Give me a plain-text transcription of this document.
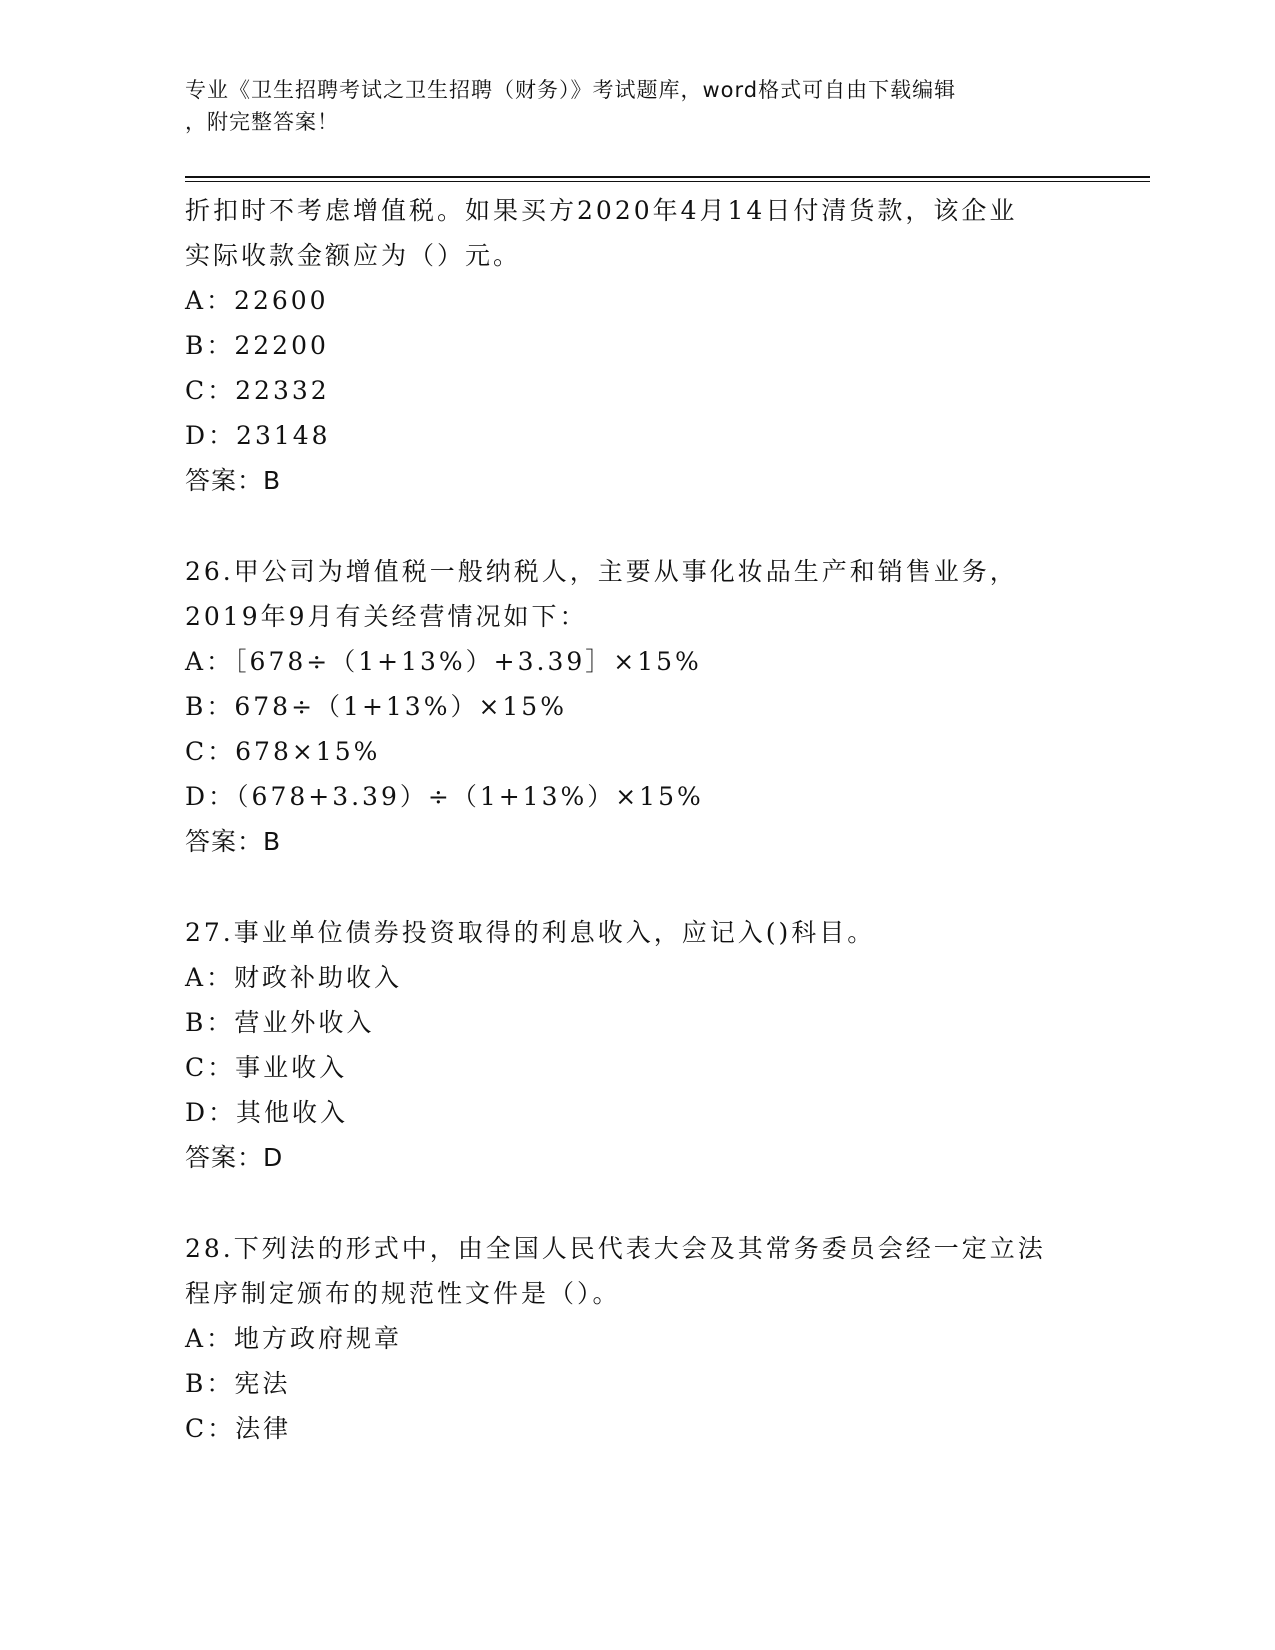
专业《卫生招聘考试之卫生招聘（财务）》考试题库，word格式可自由下载编辑
，附完整答案！
折扣时不考虑增值税。如果买方2020年4月14日付清货款，该企业
实际收款金额应为（）元。
A：22600
B：22200
C：22332
D：23148
答案：B
26.甲公司为增值税一般纳税人，主要从事化妆品生产和销售业务，
2019年9月有关经营情况如下：
A：［678÷（1+13%）+3.39］×15%
B：678÷（1+13%）×15%
C：678×15%
D：（678+3.39）÷（1+13%）×15%
答案：B
27.事业单位债券投资取得的利息收入，应记入()科目。
A：财政补助收入
B：营业外收入
C：事业收入
D：其他收入
答案：D
28.下列法的形式中，由全国人民代表大会及其常务委员会经一定立法
程序制定颁布的规范性文件是（）。
A：地方政府规章
B：宪法
C：法律
